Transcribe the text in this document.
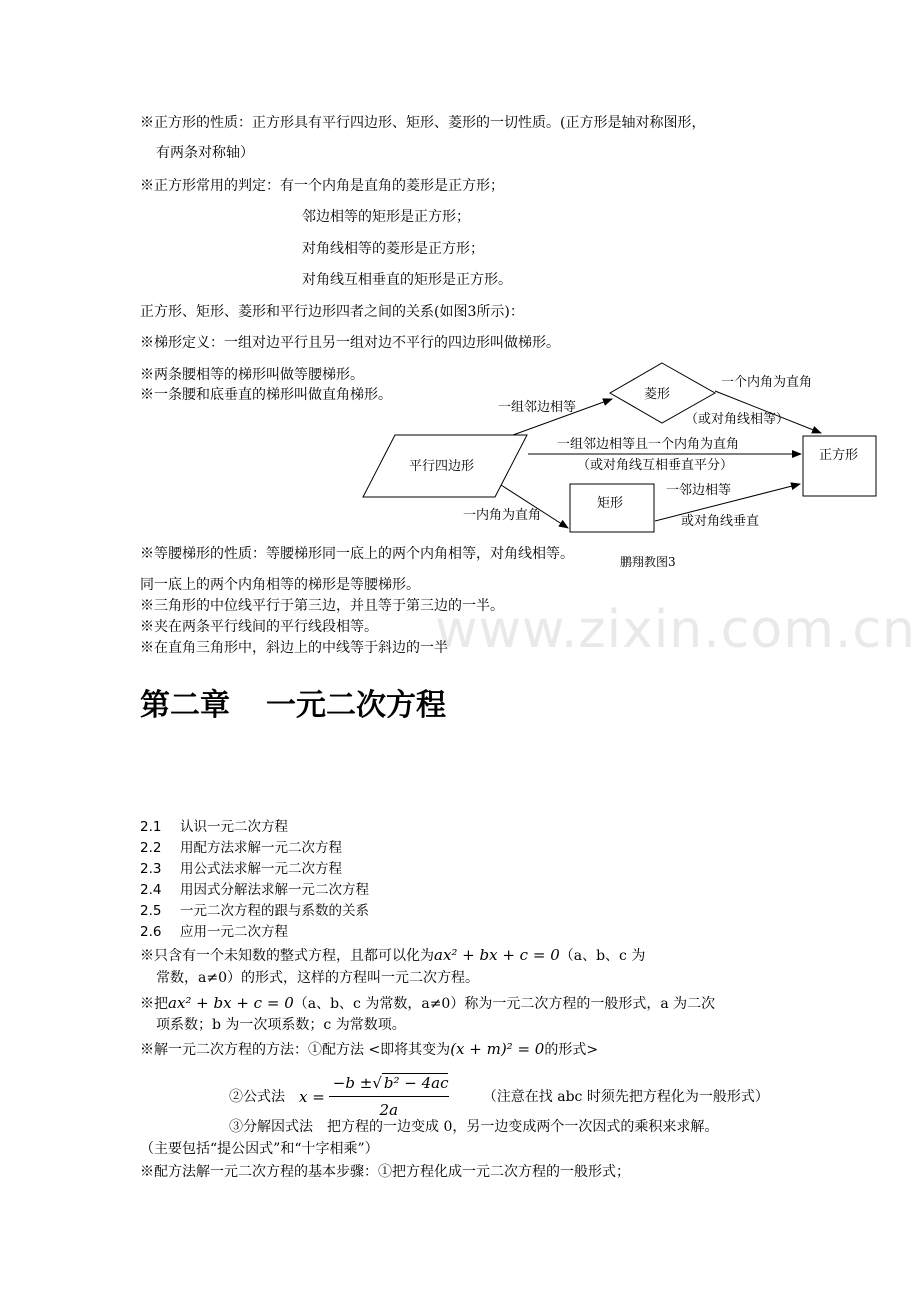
www.zixin.com.cn
※正方形的性质：正方形具有平行四边形、矩形、菱形的一切性质。(正方形是轴对称图形，
有两条对称轴）
※正方形常用的判定：有一个内角是直角的菱形是正方形；
邻边相等的矩形是正方形；
对角线相等的菱形是正方形；
对角线互相垂直的矩形是正方形。
正方形、矩形、菱形和平行边形四者之间的关系(如图3所示)：
※梯形定义：一组对边平行且另一组对边不平行的四边形叫做梯形。
※两条腰相等的梯形叫做等腰梯形。
※一条腰和底垂直的梯形叫做直角梯形。
平行四边形
菱形
矩形
正方形
一组邻边相等
一个内角为直角
（或对角线相等）
一组邻边相等且一个内角为直角
（或对角线互相垂直平分）
一内角为直角
一邻边相等
或对角线垂直
鹏翔教图3
※等腰梯形的性质：等腰梯形同一底上的两个内角相等，对角线相等。
同一底上的两个内角相等的梯形是等腰梯形。
※三角形的中位线平行于第三边，并且等于第三边的一半。
※夹在两条平行线间的平行线段相等。
※在直角三角形中，斜边上的中线等于斜边的一半
第二章 一元二次方程
2.1 认识一元二次方程
2.2 用配方法求解一元二次方程
2.3 用公式法求解一元二次方程
2.4 用因式分解法求解一元二次方程
2.5 一元二次方程的跟与系数的关系
2.6 应用一元二次方程
※只含有一个未知数的整式方程，且都可以化为ax² + bx + c = 0（a、b、c 为
常数，a≠0）的形式，这样的方程叫一元二次方程。
※把ax² + bx + c = 0（a、b、c 为常数，a≠0）称为一元二次方程的一般形式，a 为二次
项系数；b 为一次项系数；c 为常数项。
※解一元二次方程的方法：①配方法 <即将其变为(x + m)² = 0的形式>
②公式法 $x = \frac{\text{−b ±√ b² − 4ac}}{2a}$ （注意在找 abc 时须先把方程化为一般形式）
③分解因式法　把方程的一边变成 0，另一边变成两个一次因式的乘积来求解。
（主要包括“提公因式”和“十字相乘”）
※配方法解一元二次方程的基本步骤：①把方程化成一元二次方程的一般形式；
